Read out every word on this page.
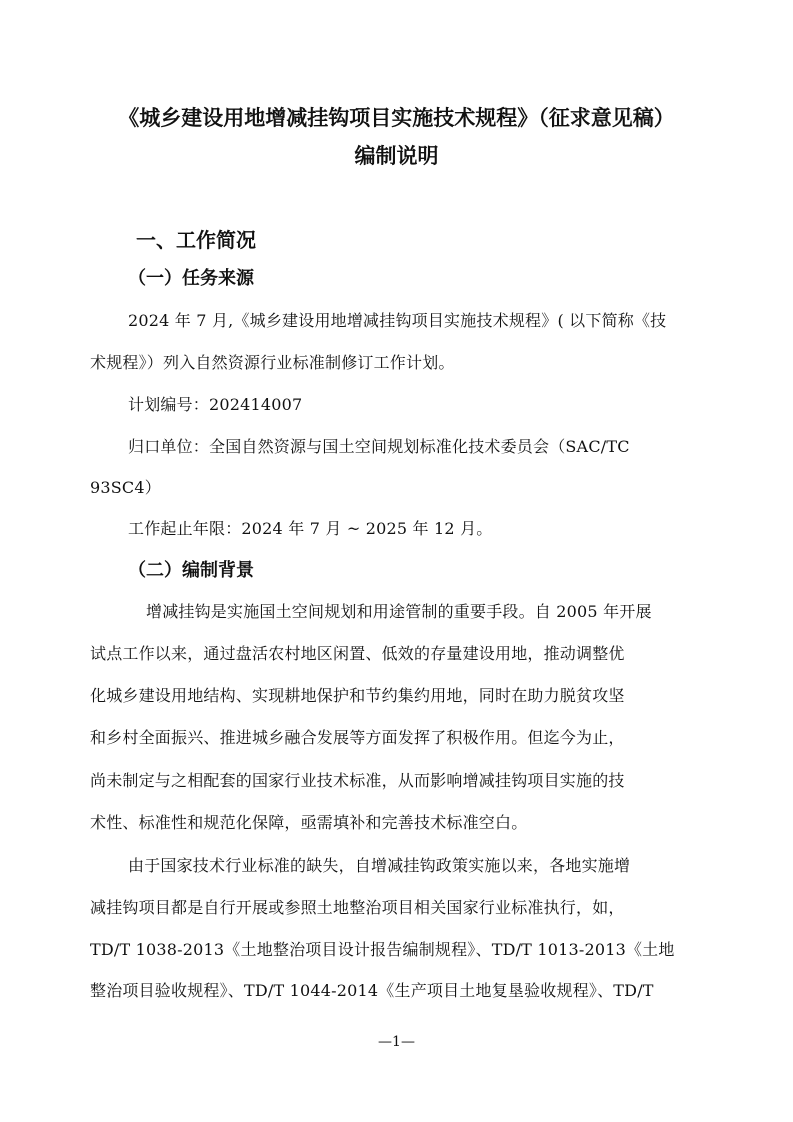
《城乡建设用地增减挂钩项目实施技术规程》（征求意见稿）
编制说明
一、工作简况
（一）任务来源
2024 年 7 月,《城乡建设用地增减挂钩项目实施技术规程》( 以下简称《技
术规程》）列入自然资源行业标准制修订工作计划。
计划编号：202414007
归口单位：全国自然资源与国土空间规划标准化技术委员会（SAC/TC
93SC4）
工作起止年限：2024 年 7 月 ~ 2025 年 12 月。
（二）编制背景
增减挂钩是实施国土空间规划和用途管制的重要手段。自 2005 年开展
试点工作以来，通过盘活农村地区闲置、低效的存量建设用地，推动调整优
化城乡建设用地结构、实现耕地保护和节约集约用地，同时在助力脱贫攻坚
和乡村全面振兴、推进城乡融合发展等方面发挥了积极作用。但迄今为止，
尚未制定与之相配套的国家行业技术标准，从而影响增减挂钩项目实施的技
术性、标准性和规范化保障，亟需填补和完善技术标准空白。
由于国家技术行业标准的缺失，自增减挂钩政策实施以来，各地实施增
减挂钩项目都是自行开展或参照土地整治项目相关国家行业标准执行，如，
TD/T 1038-2013《土地整治项目设计报告编制规程》、TD/T 1013-2013《土地
整治项目验收规程》、TD/T 1044-2014《生产项目土地复垦验收规程》、TD/T
—1—
